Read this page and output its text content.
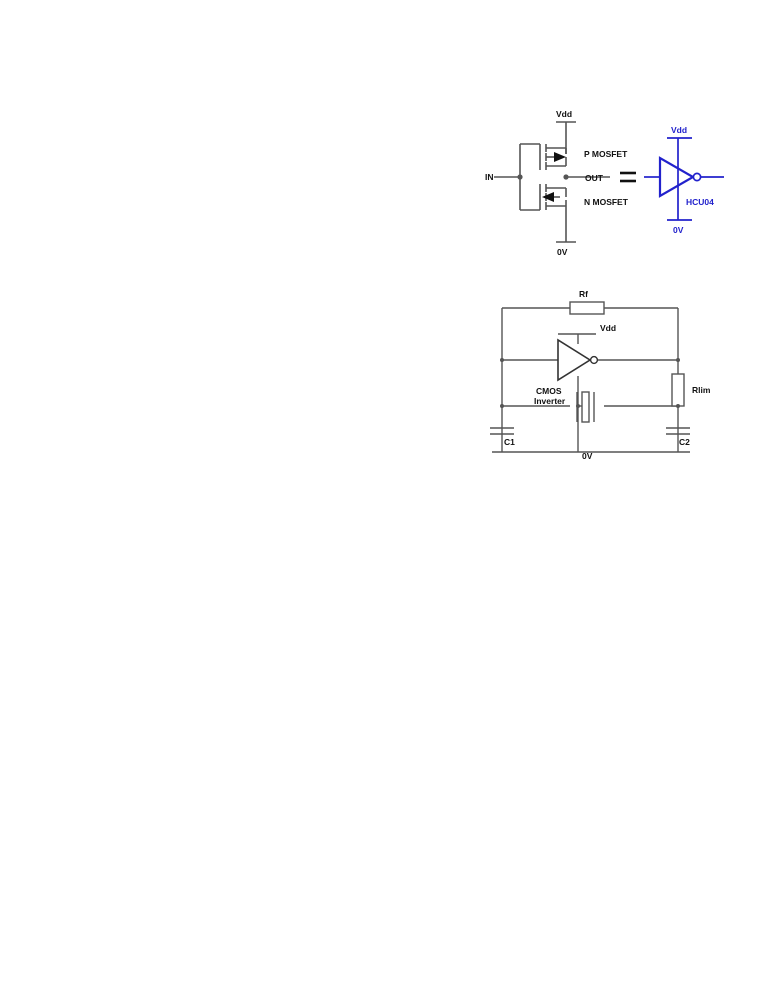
Vdd
0V
IN
P MOSFET
N MOSFET
OUT
Vdd
0V
HCU04
Rf
Vdd
CMOS
Inverter
Rlim
C1	C2
0V
